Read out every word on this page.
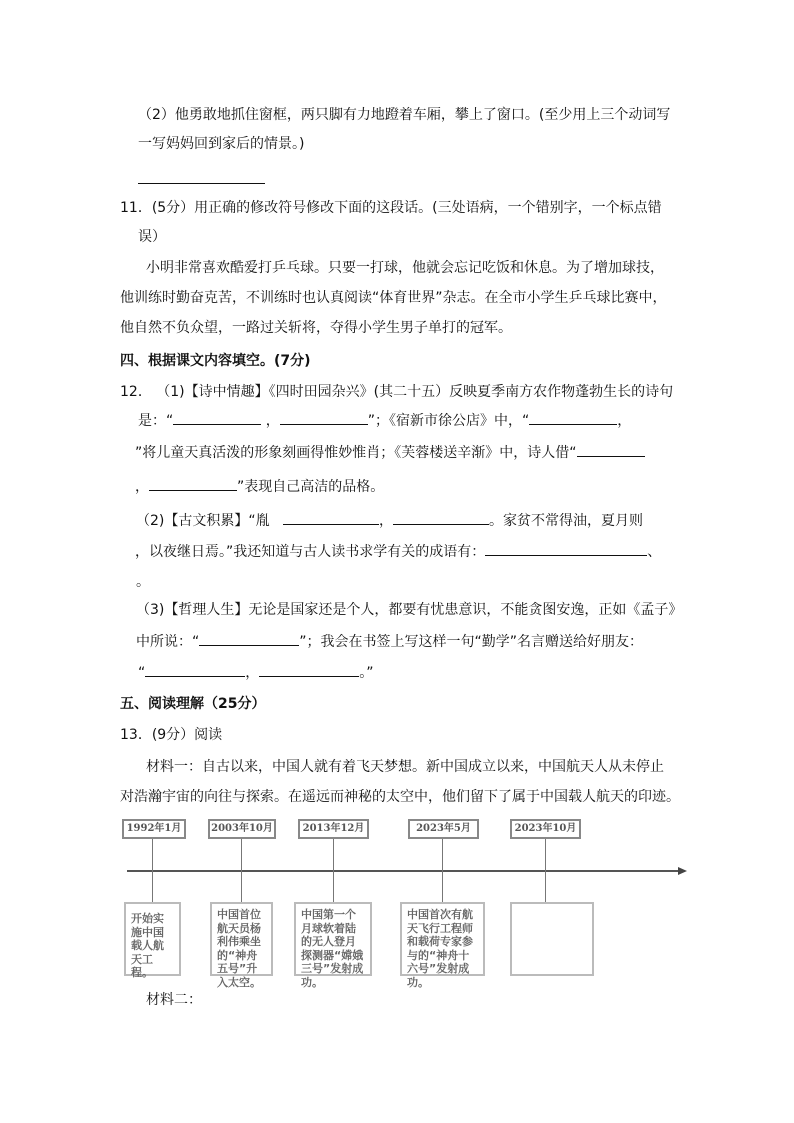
（2）他勇敢地抓住窗框，两只脚有力地蹬着车厢，攀上了窗口。(至少用上三个动词写
一写妈妈回到家后的情景。)
11．(5分）用正确的修改符号修改下面的这段话。(三处语病，一个错别字，一个标点错
误）
小明非常喜欢酷爱打乒乓球。只要一打球，他就会忘记吃饭和休息。为了增加球技，
他训练时勤奋克苦，不训练时也认真阅读“体育世界”杂志。在全市小学生乒乓球比赛中，
他自然不负众望，一路过关斩将，夺得小学生男子单打的冠军。
四、根据课文内容填空。(7分)
12． （1)【诗中情趣】《四时田园杂兴》(其二十五）反映夏季南方农作物蓬勃生长的诗句
是：“	，	”；《宿新市徐公店》中，“	，
”将儿童天真活泼的形象刻画得惟妙惟肖；《芙蓉楼送辛渐》中，诗人借“
，	”表现自己高洁的品格。
（2)【古文积累】“胤	，	。家贫不常得油，夏月则
，以夜继日焉。”我还知道与古人读书求学有关的成语有：	、
。
（3)【哲理人生】无论是国家还是个人，都要有忧患意识，不能贪图安逸，正如《孟子》
中所说：“	”；我会在书签上写这样一句“勤学”名言赠送给好朋友：
“	，	。”
五、阅读理解（25分）
13．(9分）阅读
材料一：自古以来，中国人就有着飞天梦想。新中国成立以来，中国航天人从未停止
对浩瀚宇宙的向往与探索。在遥远而神秘的太空中，他们留下了属于中国载人航天的印迹。
1992年1月	2003年10月	2013年12月	2023年5月	2023年10月
开始实施中国载人航天工程。
中国首位航天员杨利伟乘坐的“神舟五号”升入太空。
中国第一个月球软着陆的无人登月探测器“嫦娥三号”发射成功。
中国首次有航天飞行工程师和载荷专家参与的“神舟十六号”发射成功。
材料二：
